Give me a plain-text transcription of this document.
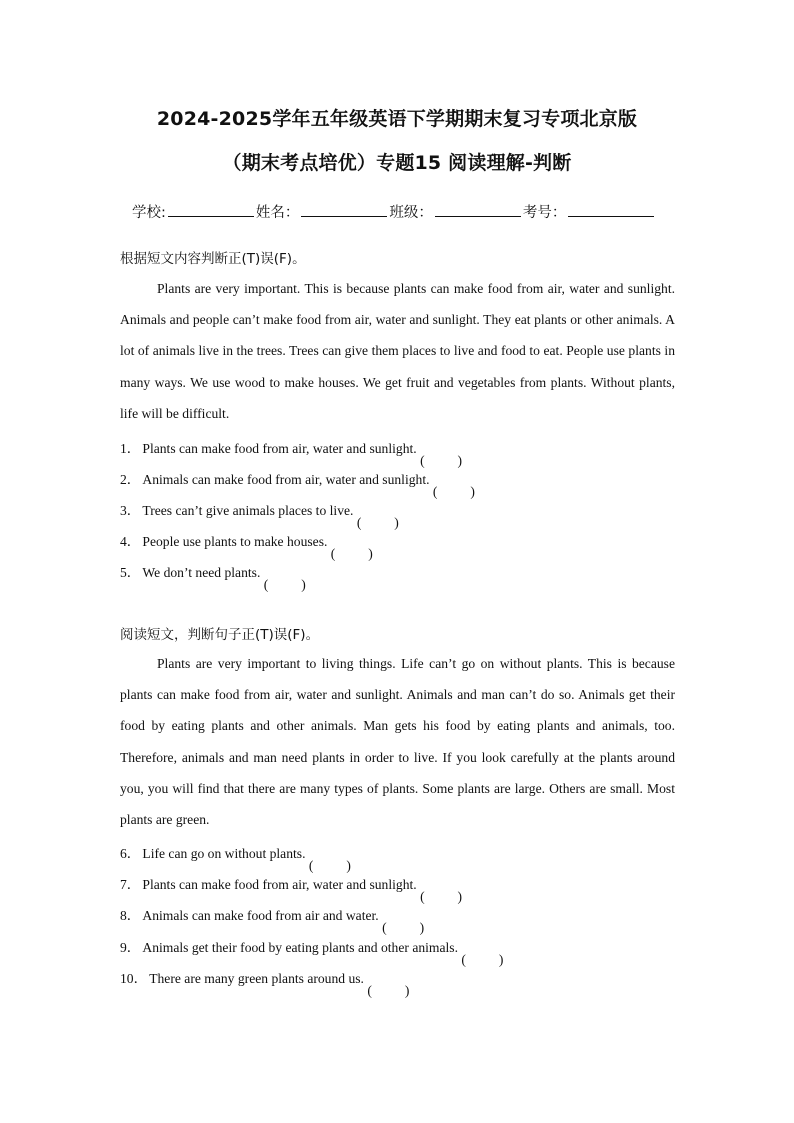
2024-2025学年五年级英语下学期期末复习专项北京版
（期末考点培优）专题15 阅读理解-判断
学校:	姓名：	班级：	考号：
根据短文内容判断正(T)误(F)。

Plants are very important. This is because plants can make food from air, water and sunlight. Animals and people can’t make food from air, water and sunlight. They eat plants or other animals. A lot of animals live in the trees. Trees can give them places to live and food to eat. People use plants in many ways. We use wood to make houses. We get fruit and vegetables from plants. Without plants, life will be difficult.

1． Plants can make food from air, water and sunlight.
( )
2． Animals can make food from air, water and sunlight.
( )
3． Trees can’t give animals places to live.
( )
4． People use plants to make houses.
( )
5． We don’t need plants.
( )
阅读短文，判断句子正(T)误(F)。

Plants are very important to living things. Life can’t go on without plants. This is because plants can make food from air, water and sunlight. Animals and man can’t do so. Animals get their food by eating plants and other animals. Man gets his food by eating plants and animals, too. Therefore, animals and man need plants in order to live. If you look carefully at the plants around you, you will find that there are many types of plants. Some plants are large. Others are small. Most plants are green.

6． Life can go on without plants.
( )
7． Plants can make food from air, water and sunlight.
( )
8． Animals can make food from air and water.
( )
9． Animals get their food by eating plants and other animals.
( )
10． There are many green plants around us.
( )
